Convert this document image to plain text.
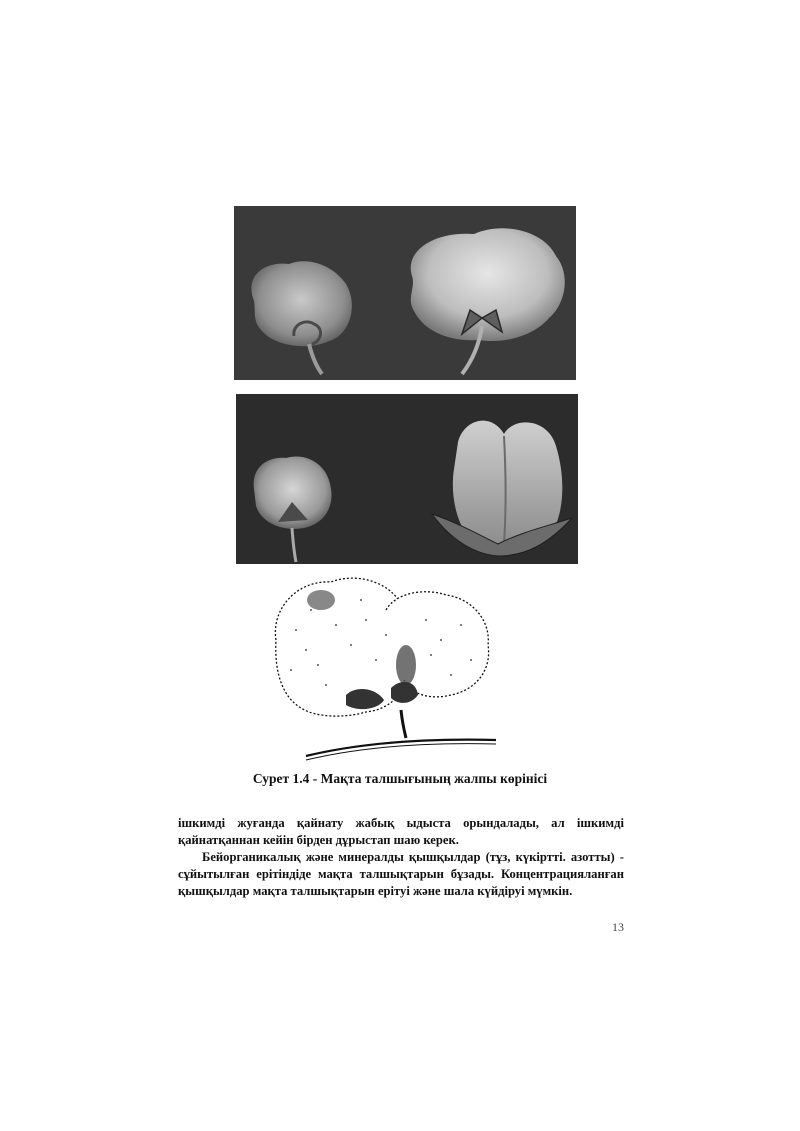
Сурет 1.4 - Мақта талшығының жалпы көрінісі

ішкимді жуғанда қайнату жабық ыдыста орындалады, ал ішкимді қайнатқаннан кейін бірден дұрыстап шаю керек.

Бейорганикалық және минералды қышқылдар (тұз, күкіртті. азотты) - сұйытылған ерітіндіде мақта талшықтарын бұзады. Концентрацияланған қышқылдар мақта талшықтарын ерітуі және шала күйдіруі мүмкін.

13
